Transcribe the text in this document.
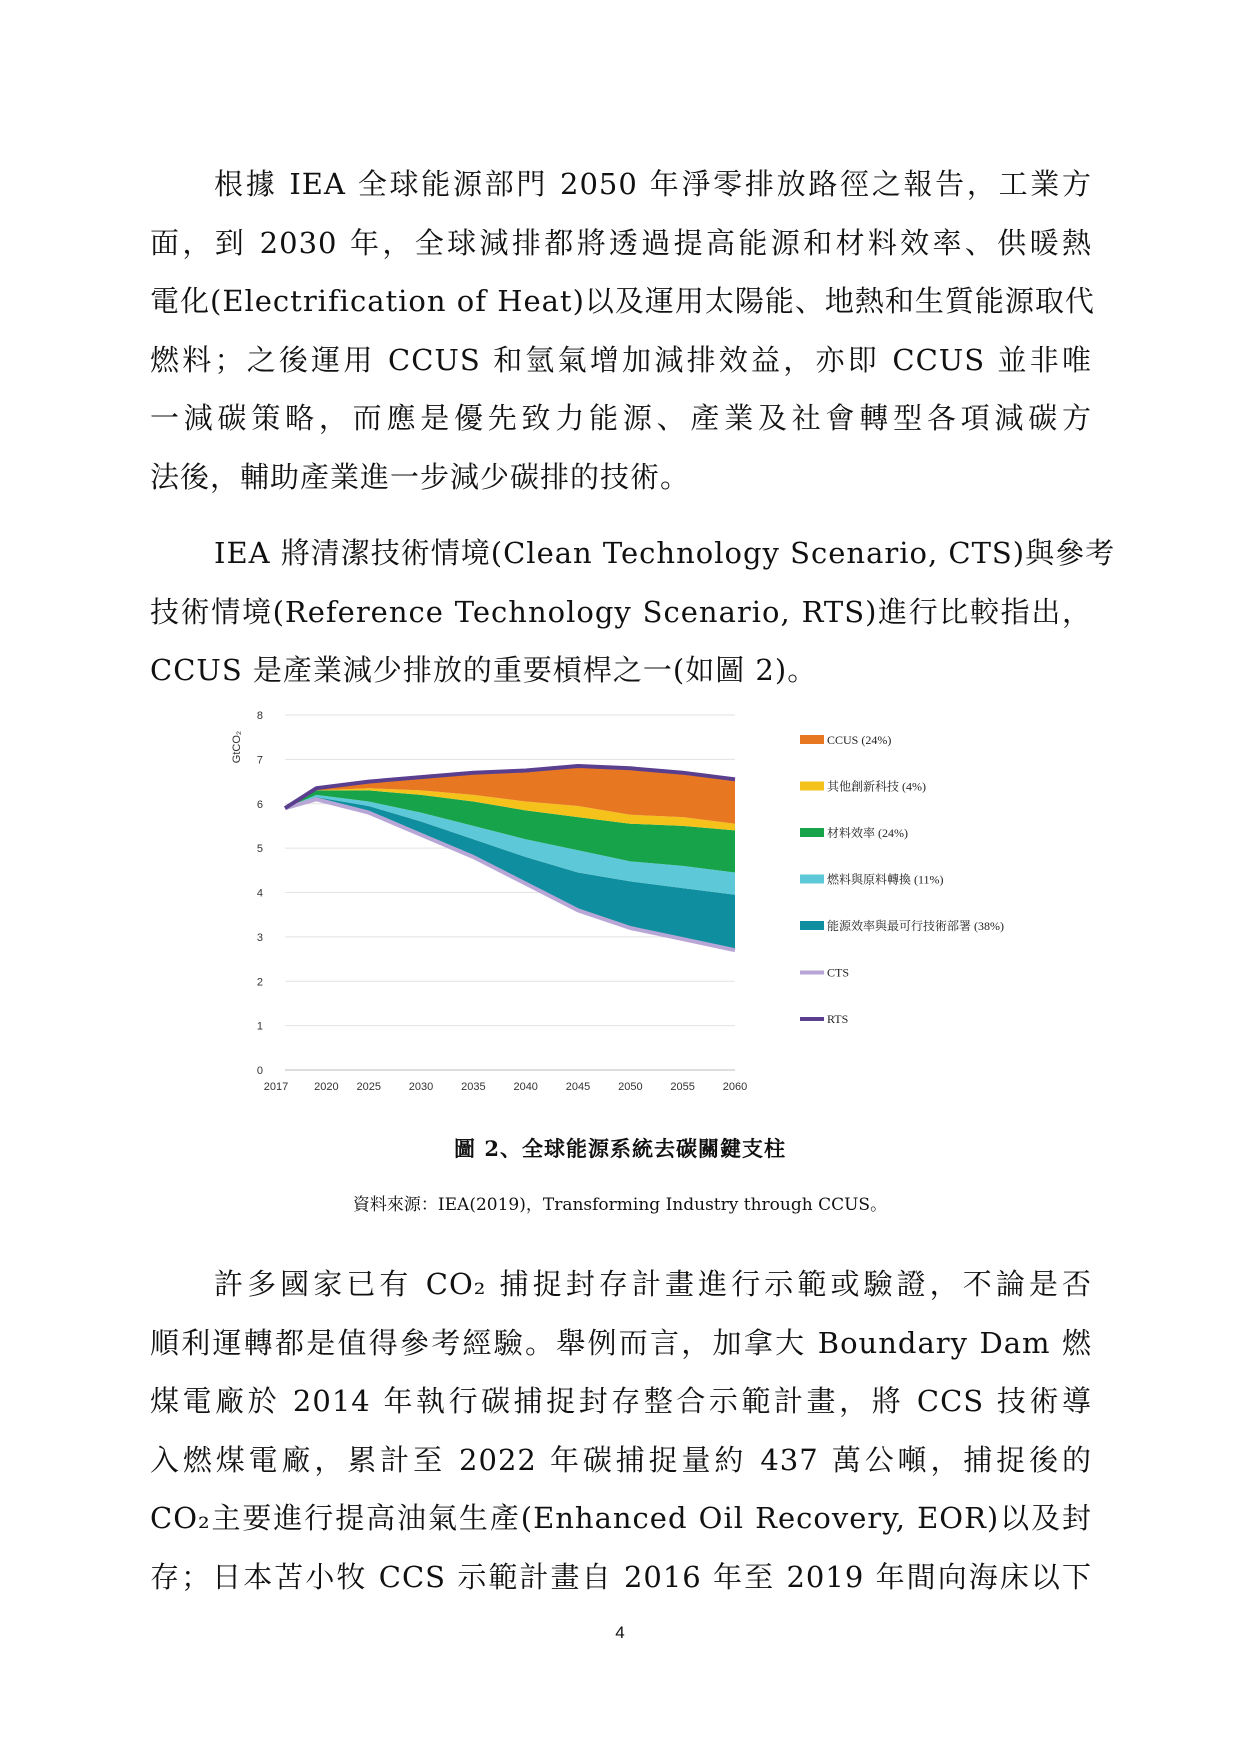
根據 IEA 全球能源部門 2050 年淨零排放路徑之報告，工業方
面，到 2030 年，全球減排都將透過提高能源和材料效率、供暖熱
電化(Electrification of Heat)以及運用太陽能、地熱和生質能源取代
燃料；之後運用 CCUS 和氫氣增加減排效益，亦即 CCUS 並非唯
一減碳策略，而應是優先致力能源、產業及社會轉型各項減碳方
法後，輔助產業進一步減少碳排的技術。
IEA 將清潔技術情境(Clean Technology Scenario, CTS)與參考
技術情境(Reference Technology Scenario, RTS)進行比較指出，
CCUS 是產業減少排放的重要槓桿之一(如圖 2)。
0
1
2
3
4
5
6
7
8
GtCO₂
2017 2020 2025	2030	2035	2040	2045	2050	2055	2060
CCUS (24%)
其他創新科技 (4%)
材料效率 (24%)
燃料與原料轉換 (11%)
能源效率與最可行技術部署 (38%)
CTS
RTS
圖 2、全球能源系統去碳關鍵支柱
資料來源：IEA(2019)，Transforming Industry through CCUS。
許多國家已有 CO₂ 捕捉封存計畫進行示範或驗證，不論是否
順利運轉都是值得參考經驗。舉例而言，加拿大 Boundary Dam 燃
煤電廠於 2014 年執行碳捕捉封存整合示範計畫，將 CCS 技術導
入燃煤電廠，累計至 2022 年碳捕捉量約 437 萬公噸，捕捉後的
CO₂主要進行提高油氣生產(Enhanced Oil Recovery, EOR)以及封
存；日本苫小牧 CCS 示範計畫自 2016 年至 2019 年間向海床以下
4
